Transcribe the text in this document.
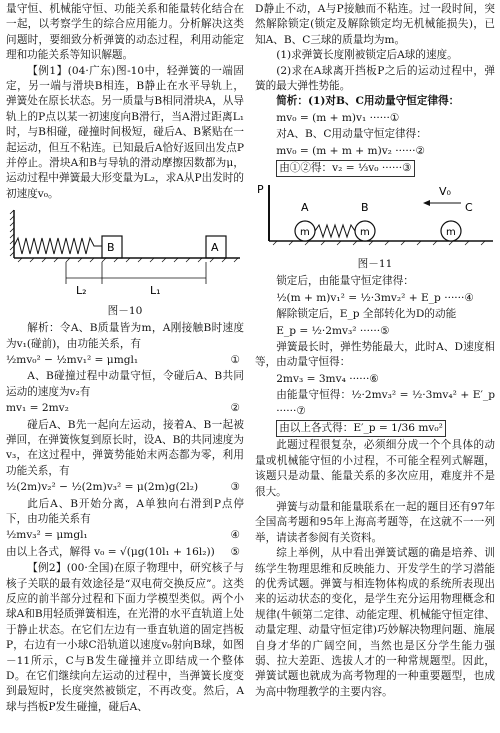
量守恒、机械能守恒、功能关系和能量转化结合在一起，以考察学生的综合应用能力。分析解决这类问题时，要细致分析弹簧的动态过程，利用动能定理和功能关系等知识解题。

【例1】(04·广东)图-10中，轻弹簧的一端固定，另一端与滑块B相连，B静止在水平导轨上，弹簧处在原长状态。另一质量与B相同滑块A，从导轨上的P点以某一初速度向B滑行，当A滑过距离L₁时，与B相碰，碰撞时间极短，碰后A、B紧贴在一起运动，但互不粘连。已知最后A恰好返回出发点P并停止。滑块A和B与导轨的滑动摩擦因数都为μ，运动过程中弹簧最大形变量为L₂，求A从P出发时的初速度v₀。

B	A
L₂	L₁

图－10

解析：令A、B质量皆为m，A刚接触B时速度为v₁(碰前)，由功能关系，有

½mv₀² − ½mv₁² = μmgl₁	①

A、B碰撞过程中动量守恒，令碰后A、B共同运动的速度为v₂有

mv₁ = 2mv₂	②

碰后A、B先一起向左运动，接着A、B一起被弹回，在弹簧恢复到原长时，设A、B的共同速度为v₃，在这过程中，弹簧势能始末两态都为零，利用功能关系，有

½(2m)v₂² − ½(2m)v₃² = μ(2m)g(2l₂)	③

此后A、B开始分离，A单独向右滑到P点停下，由功能关系有

½mv₃² = μmgl₁	④
由以上各式，解得 v₀ = √(μg(10l₁ + 16l₂)) ⑤

【例2】(00·全国)在原子物理中，研究核子与核子关联的最有效途径是“双电荷交换反应”。这类反应的前半部分过程和下面力学模型类似。两个小球A和B用轻质弹簧相连，在光滑的水平直轨道上处于静止状态。在它们左边有一垂直轨道的固定挡板P，右边有一小球C沿轨道以速度v₀射向B球，如图－11所示，C与B发生碰撞并立即结成一个整体D。在它们继续向左运动的过程中，当弹簧长度变到最短时，长度突然被锁定，不再改变。然后，A球与挡板P发生碰撞，碰后A、

D静止不动，A与P接触而不粘连。过一段时间，突然解除锁定(锁定及解除锁定均无机械能损失)，已知A、B、C三球的质量均为m。

(1)求弹簧长度刚被锁定后A球的速度。

(2)求在A球离开挡板P之后的运动过程中，弹簧的最大弹性势能。

简析：(1)对B、C用动量守恒定律得：

mv₀ = (m + m)v₁ ······①

对A、B、C用动量守恒定律得：

mv₀ = (m + m + m)v₂ ······②

由①②得：v₂ = ⅓v₀ ······③

P
A
m
B
m
C
m
V₀

图－11

锁定后，由能量守恒定律得：

½(m + m)v₁² = ½·3mv₂² + E_p ······④

解除锁定后，E_p 全部转化为D的动能

E_p = ½·2mv₃² ······⑤

弹簧最长时，弹性势能最大，此时A、D速度相等，由动量守恒得：

2mv₃ = 3mv₄ ······⑥

由能量守恒得：½·2mv₃² = ½·3mv₄² + E′_p ······⑦

由以上各式得：E′_p = 1/36 mv₀²

此题过程很复杂，必须细分成一个个具体的动量或机械能守恒的小过程，不可能全程列式解题，该题只是动量、能量关系的多次应用，难度并不是很大。

弹簧与动量和能量联系在一起的题目还有97年全国高考题和95年上海高考题等，在这就不一一列举，请读者参阅有关资料。

综上举例，从中看出弹簧试题的确是培养、训练学生物理思维和反映能力、开发学生的学习潜能的优秀试题。弹簧与相连物体构成的系统所表现出来的运动状态的变化，是学生充分运用物理概念和规律(牛顿第二定律、动能定理、机械能守恒定律、动量定理、动量守恒定律)巧妙解决物理问题、施展自身才华的广阔空间，当然也是区分学生能力强弱、拉大差距、选拔人才的一种常规题型。因此，弹簧试题也就成为高考物理的一种重要题型，也成为高中物理教学的主要内容。
